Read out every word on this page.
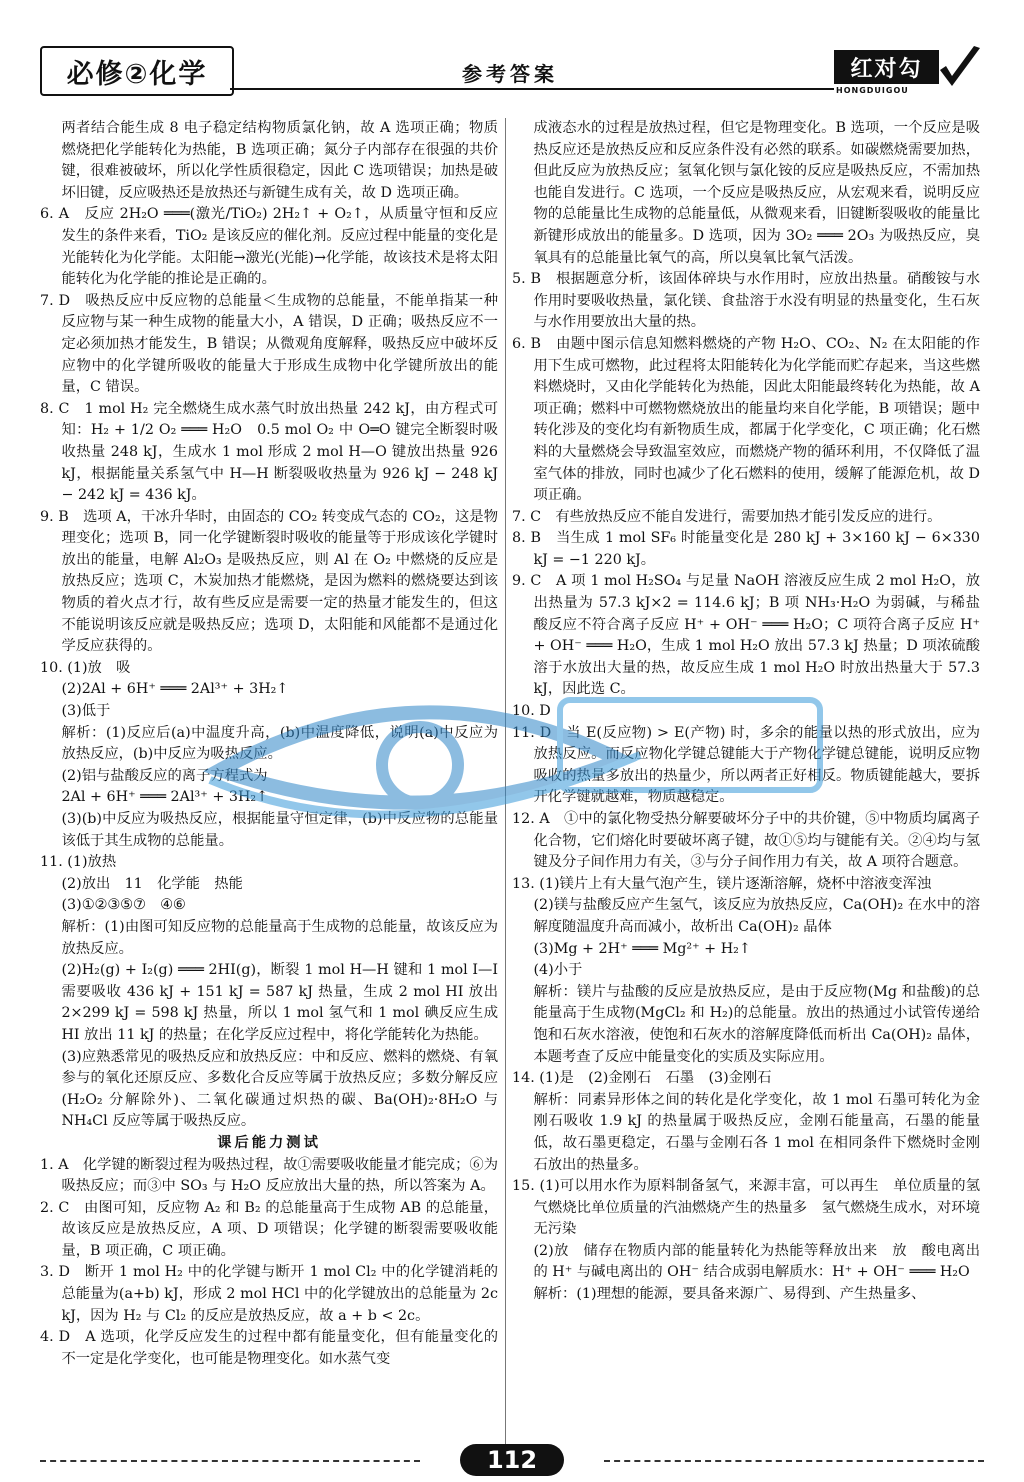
必修②化学	参考答案	红对勾
HONGDUIGOU

两者结合能生成 8 电子稳定结构物质氯化钠，故 A 选项正确；物质燃烧把化学能转化为热能，B 选项正确；氮分子内部存在很强的共价键，很难被破坏，所以化学性质很稳定，因此 C 选项错误；加热是破坏旧键，反应吸热还是放热还与新键生成有关，故 D 选项正确。

6. A　反应 2H₂O ═══(激光/TiO₂) 2H₂↑ + O₂↑，从质量守恒和反应发生的条件来看，TiO₂ 是该反应的催化剂。反应过程中能量的变化是光能转化为化学能。太阳能→激光(光能)→化学能，故该技术是将太阳能转化为化学能的推论是正确的。

7. D　吸热反应中反应物的总能量＜生成物的总能量，不能单指某一种反应物与某一种生成物的能量大小，A 错误，D 正确；吸热反应不一定必须加热才能发生，B 错误；从微观角度解释，吸热反应中破坏反应物中的化学键所吸收的能量大于形成生成物中化学键所放出的能量，C 错误。

8. C　1 mol H₂ 完全燃烧生成水蒸气时放出热量 242 kJ，由方程式可知：H₂ + 1/2 O₂ ═══ H₂O　0.5 mol O₂ 中 O═O 键完全断裂时吸收热量 248 kJ，生成水 1 mol 形成 2 mol H—O 键放出热量 926 kJ，根据能量关系氢气中 H—H 断裂吸收热量为 926 kJ − 248 kJ − 242 kJ = 436 kJ。

9. B　选项 A，干冰升华时，由固态的 CO₂ 转变成气态的 CO₂，这是物理变化；选项 B，同一化学键断裂时吸收的能量等于形成该化学键时放出的能量，电解 Al₂O₃ 是吸热反应，则 Al 在 O₂ 中燃烧的反应是放热反应；选项 C，木炭加热才能燃烧，是因为燃料的燃烧要达到该物质的着火点才行，故有些反应是需要一定的热量才能发生的，但这不能说明该反应就是吸热反应；选项 D，太阳能和风能都不是通过化学反应获得的。

10. (1)放　吸

(2)2Al + 6H⁺ ═══ 2Al³⁺ + 3H₂↑

(3)低于

解析：(1)反应后(a)中温度升高，(b)中温度降低，说明(a)中反应为放热反应，(b)中反应为吸热反应。

(2)铝与盐酸反应的离子方程式为

2Al + 6H⁺ ═══ 2Al³⁺ + 3H₂↑

(3)(b)中反应为吸热反应，根据能量守恒定律，(b)中反应物的总能量该低于其生成物的总能量。

11. (1)放热

(2)放出　11　化学能　热能

(3)①②③⑤⑦　④⑥

解析：(1)由图可知反应物的总能量高于生成物的总能量，故该反应为放热反应。

(2)H₂(g) + I₂(g) ═══ 2HI(g)，断裂 1 mol H—H 键和 1 mol I—I 需要吸收 436 kJ + 151 kJ = 587 kJ 热量，生成 2 mol HI 放出 2×299 kJ = 598 kJ 热量，所以 1 mol 氢气和 1 mol 碘反应生成 HI 放出 11 kJ 的热量；在化学反应过程中，将化学能转化为热能。

(3)应熟悉常见的吸热反应和放热反应：中和反应、燃料的燃烧、有氧参与的氧化还原反应、多数化合反应等属于放热反应；多数分解反应(H₂O₂ 分解除外)、二氧化碳通过炽热的碳、Ba(OH)₂·8H₂O 与 NH₄Cl 反应等属于吸热反应。

课后能力测试

1. A　化学键的断裂过程为吸热过程，故①需要吸收能量才能完成；⑥为吸热反应；而③中 SO₃ 与 H₂O 反应放出大量的热，所以答案为 A。

2. C　由图可知，反应物 A₂ 和 B₂ 的总能量高于生成物 AB 的总能量，故该反应是放热反应，A 项、D 项错误；化学键的断裂需要吸收能量，B 项正确，C 项正确。

3. D　断开 1 mol H₂ 中的化学键与断开 1 mol Cl₂ 中的化学键消耗的总能量为(a+b) kJ，形成 2 mol HCl 中的化学键放出的总能量为 2c kJ，因为 H₂ 与 Cl₂ 的反应是放热反应，故 a + b < 2c。

4. D　A 选项，化学反应发生的过程中都有能量变化，但有能量变化的不一定是化学变化，也可能是物理变化。如水蒸气变

成液态水的过程是放热过程，但它是物理变化。B 选项，一个反应是吸热反应还是放热反应和反应条件没有必然的联系。如碳燃烧需要加热，但此反应为放热反应；氢氧化钡与氯化铵的反应是吸热反应，不需加热也能自发进行。C 选项，一个反应是吸热反应，从宏观来看，说明反应物的总能量比生成物的总能量低，从微观来看，旧键断裂吸收的能量比新键形成放出的能量多。D 选项，因为 3O₂ ═══ 2O₃ 为吸热反应，臭氧具有的总能量比氧气的高，所以臭氧比氧气活泼。

5. B　根据题意分析，该固体碎块与水作用时，应放出热量。硝酸铵与水作用时要吸收热量，氯化镁、食盐溶于水没有明显的热量变化，生石灰与水作用要放出大量的热。

6. B　由题中图示信息知燃料燃烧的产物 H₂O、CO₂、N₂ 在太阳能的作用下生成可燃物，此过程将太阳能转化为化学能而贮存起来，当这些燃料燃烧时，又由化学能转化为热能，因此太阳能最终转化为热能，故 A 项正确；燃料中可燃物燃烧放出的能量均来自化学能，B 项错误；题中转化涉及的变化均有新物质生成，都属于化学变化，C 项正确；化石燃料的大量燃烧会导致温室效应，而燃烧产物的循环利用，不仅降低了温室气体的排放，同时也减少了化石燃料的使用，缓解了能源危机，故 D 项正确。

7. C　有些放热反应不能自发进行，需要加热才能引发反应的进行。

8. B　当生成 1 mol SF₆ 时能量变化是 280 kJ + 3×160 kJ − 6×330 kJ = −1 220 kJ。

9. C　A 项 1 mol H₂SO₄ 与足量 NaOH 溶液反应生成 2 mol H₂O，放出热量为 57.3 kJ×2 = 114.6 kJ；B 项 NH₃·H₂O 为弱碱，与稀盐酸反应不符合离子反应 H⁺ + OH⁻ ═══ H₂O；C 项符合离子反应 H⁺ + OH⁻ ═══ H₂O，生成 1 mol H₂O 放出 57.3 kJ 热量；D 项浓硫酸溶于水放出大量的热，故反应生成 1 mol H₂O 时放出热量大于 57.3 kJ，因此选 C。

10. D

11. D　当 E(反应物) > E(产物) 时，多余的能量以热的形式放出，应为放热反应。而反应物化学键总键能大于产物化学键总键能，说明反应物吸收的热量多放出的热量少，所以两者正好相反。物质键能越大，要拆开化学键就越难，物质越稳定。

12. A　①中的氯化物受热分解要破坏分子中的共价键，⑤中物质均属离子化合物，它们熔化时要破坏离子键，故①⑤均与键能有关。②④均与氢键及分子间作用力有关，③与分子间作用力有关，故 A 项符合题意。

13. (1)镁片上有大量气泡产生，镁片逐渐溶解，烧杯中溶液变浑浊

(2)镁与盐酸反应产生氢气，该反应为放热反应，Ca(OH)₂ 在水中的溶解度随温度升高而减小，故析出 Ca(OH)₂ 晶体

(3)Mg + 2H⁺ ═══ Mg²⁺ + H₂↑

(4)小于

解析：镁片与盐酸的反应是放热反应，是由于反应物(Mg 和盐酸)的总能量高于生成物(MgCl₂ 和 H₂)的总能量。放出的热通过小试管传递给饱和石灰水溶液，使饱和石灰水的溶解度降低而析出 Ca(OH)₂ 晶体，本题考查了反应中能量变化的实质及实际应用。

14. (1)是　(2)金刚石　石墨　(3)金刚石

解析：同素异形体之间的转化是化学变化，故 1 mol 石墨可转化为金刚石吸收 1.9 kJ 的热量属于吸热反应，金刚石能量高，石墨的能量低，故石墨更稳定，石墨与金刚石各 1 mol 在相同条件下燃烧时金刚石放出的热量多。

15. (1)可以用水作为原料制备氢气，来源丰富，可以再生　单位质量的氢气燃烧比单位质量的汽油燃烧产生的热量多　氢气燃烧生成水，对环境无污染

(2)放　储存在物质内部的能量转化为热能等释放出来　放　酸电离出的 H⁺ 与碱电离出的 OH⁻ 结合成弱电解质水：H⁺ + OH⁻ ═══ H₂O

解析：(1)理想的能源，要具备来源广、易得到、产生热量多、

112
